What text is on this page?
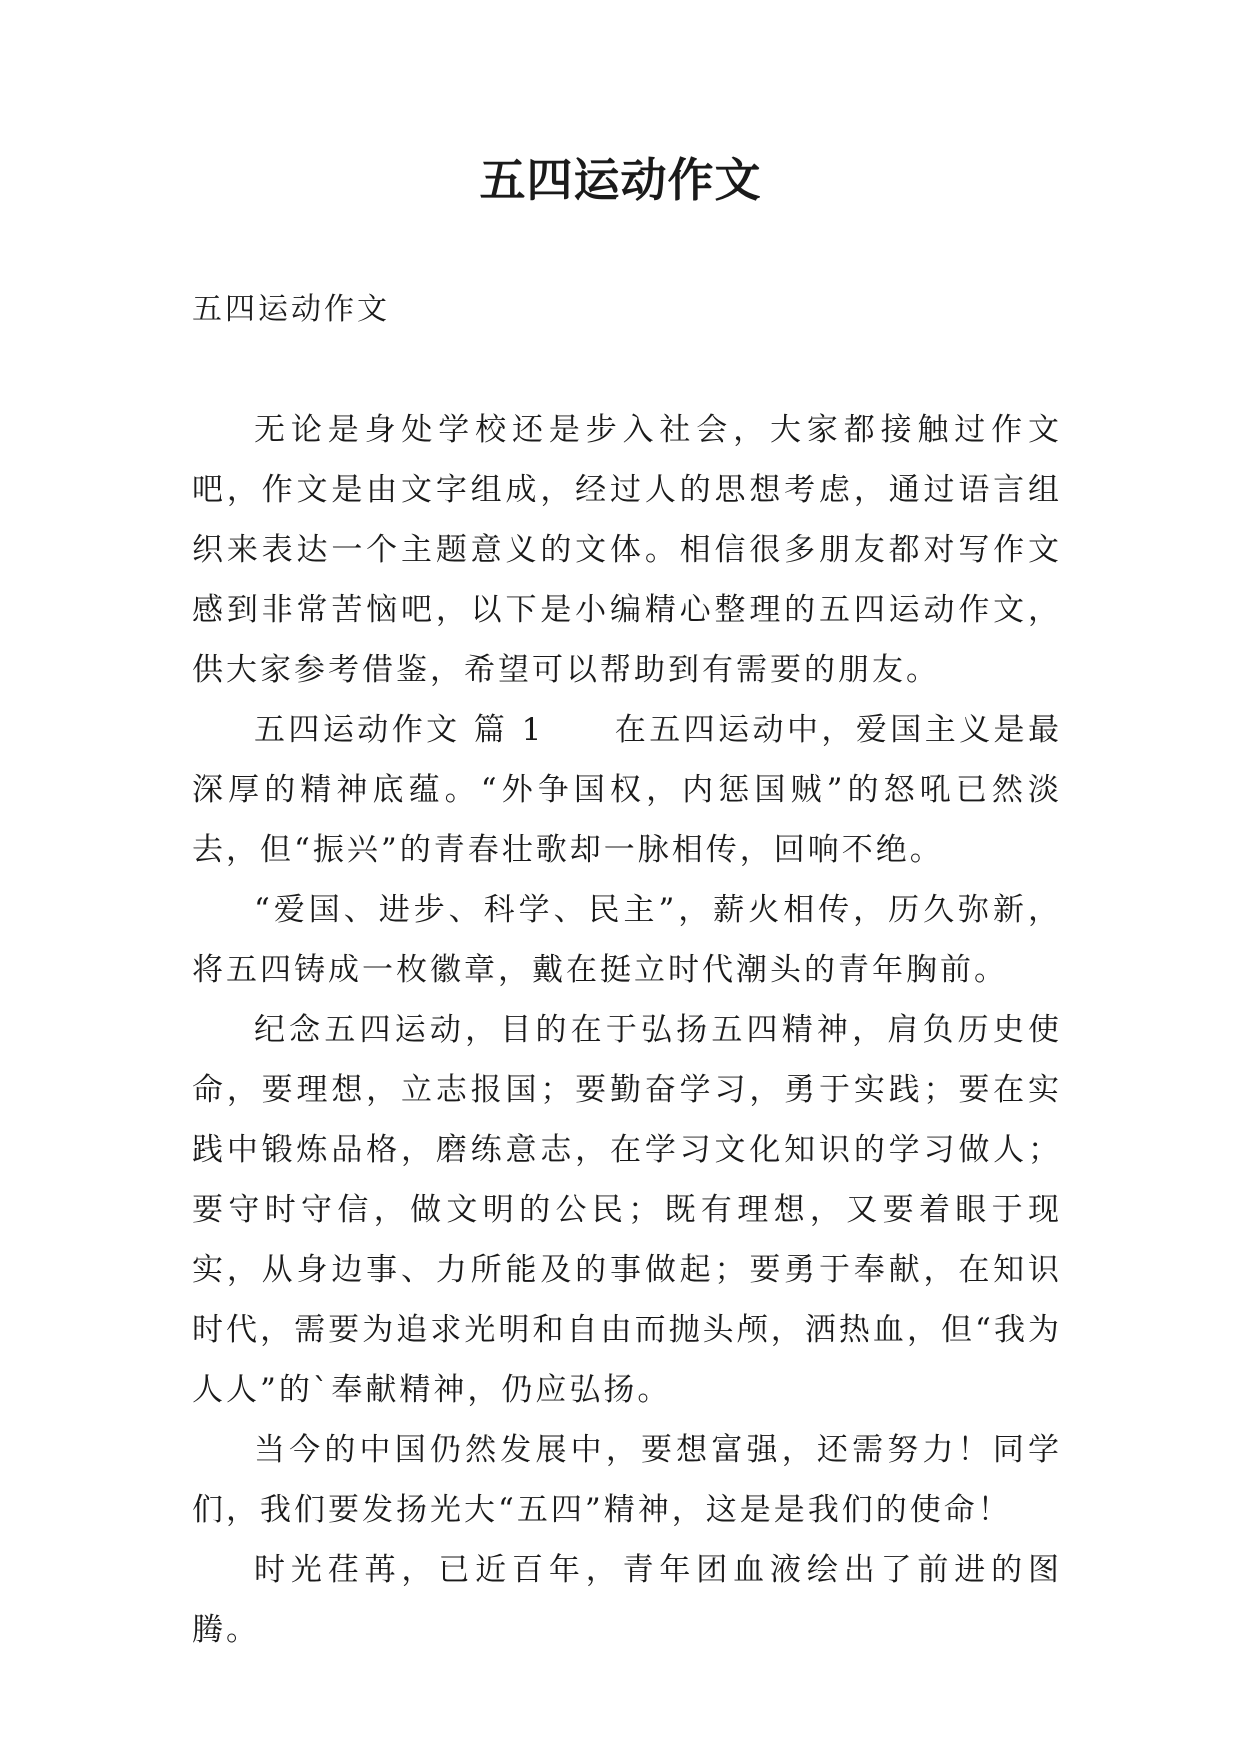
五四运动作文

五四运动作文

无论是身处学校还是步入社会，大家都接触过作文吧，作文是由文字组成，经过人的思想考虑，通过语言组织来表达一个主题意义的文体。相信很多朋友都对写作文感到非常苦恼吧，以下是小编精心整理的五四运动作文，供大家参考借鉴，希望可以帮助到有需要的朋友。

五四运动作文 篇 1 在五四运动中，爱国主义是最深厚的精神底蕴。“外争国权，内惩国贼”的怒吼已然淡去，但“振兴”的青春壮歌却一脉相传，回响不绝。

“爱国、进步、科学、民主”，薪火相传，历久弥新，将五四铸成一枚徽章，戴在挺立时代潮头的青年胸前。

纪念五四运动，目的在于弘扬五四精神，肩负历史使命，要理想，立志报国；要勤奋学习，勇于实践；要在实践中锻炼品格，磨练意志，在学习文化知识的学习做人；要守时守信，做文明的公民；既有理想，又要着眼于现实，从身边事、力所能及的事做起；要勇于奉献，在知识时代，需要为追求光明和自由而抛头颅，洒热血，但“我为人人”的`奉献精神，仍应弘扬。

当今的中国仍然发展中，要想富强，还需努力！同学们，我们要发扬光大“五四”精神，这是是我们的使命！

时光荏苒，已近百年，青年团血液绘出了前进的图腾。
